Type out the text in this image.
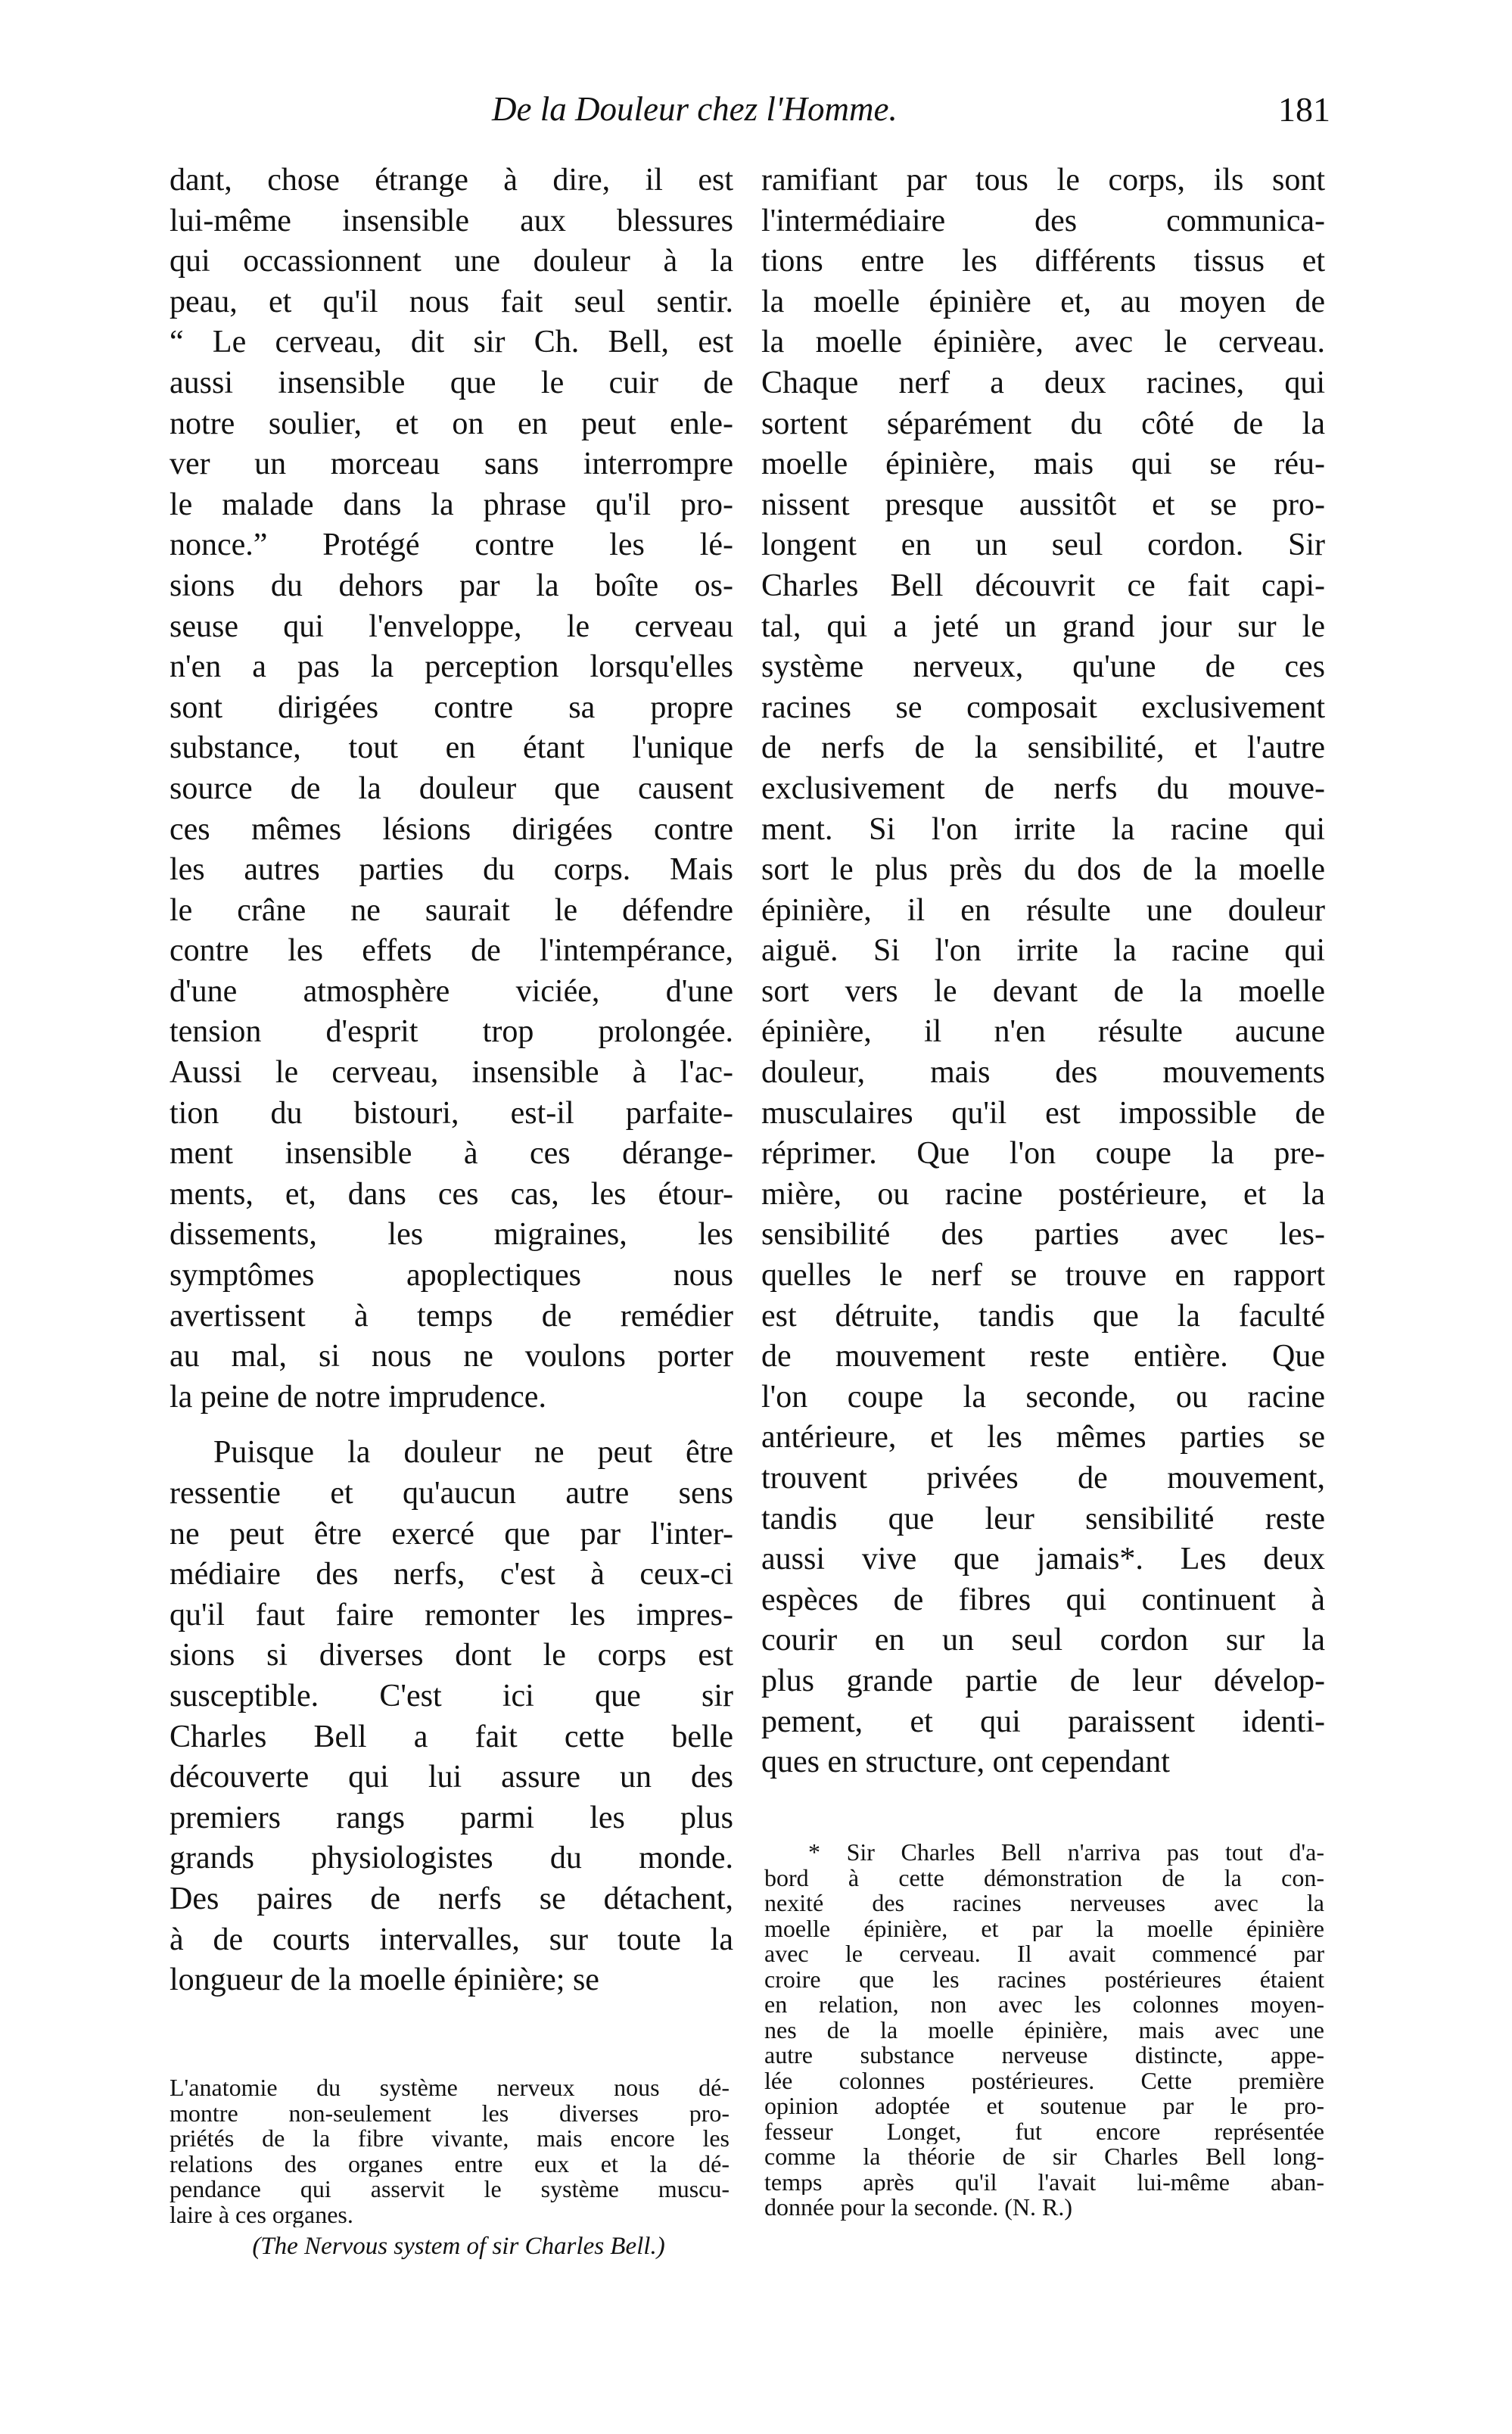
De la Douleur chez l'Homme.	181
dant, chose étrange à dire, il est
lui-même insensible aux blessures
qui occassionnent une douleur à la
peau, et qu'il nous fait seul sentir.
“ Le cerveau, dit sir Ch. Bell, est
aussi insensible que le cuir de
notre soulier, et on en peut enle-
ver un morceau sans interrompre
le malade dans la phrase qu'il pro-
nonce.” Protégé contre les lé-
sions du dehors par la boîte os-
seuse qui l'enveloppe, le cerveau
n'en a pas la perception lorsqu'elles
sont dirigées contre sa propre
substance, tout en étant l'unique
source de la douleur que causent
ces mêmes lésions dirigées contre
les autres parties du corps. Mais
le crâne ne saurait le défendre
contre les effets de l'intempérance,
d'une atmosphère viciée, d'une
tension d'esprit trop prolongée.
Aussi le cerveau, insensible à l'ac-
tion du bistouri, est-il parfaite-
ment insensible à ces dérange-
ments, et, dans ces cas, les étour-
dissements, les migraines, les
symptômes apoplectiques nous
avertissent à temps de remédier
au mal, si nous ne voulons porter
la peine de notre imprudence.
Puisque la douleur ne peut être
ressentie et qu'aucun autre sens
ne peut être exercé que par l'inter-
médiaire des nerfs, c'est à ceux-ci
qu'il faut faire remonter les impres-
sions si diverses dont le corps est
susceptible. C'est ici que sir
Charles Bell a fait cette belle
découverte qui lui assure un des
premiers rangs parmi les plus
grands physiologistes du monde.
Des paires de nerfs se détachent,
à de courts intervalles, sur toute la
longueur de la moelle épinière; se
ramifiant par tous le corps, ils sont
l'intermédiaire des communica-
tions entre les différents tissus et
la moelle épinière et, au moyen de
la moelle épinière, avec le cerveau.
Chaque nerf a deux racines, qui
sortent séparément du côté de la
moelle épinière, mais qui se réu-
nissent presque aussitôt et se pro-
longent en un seul cordon. Sir
Charles Bell découvrit ce fait capi-
tal, qui a jeté un grand jour sur le
système nerveux, qu'une de ces
racines se composait exclusivement
de nerfs de la sensibilité, et l'autre
exclusivement de nerfs du mouve-
ment. Si l'on irrite la racine qui
sort le plus près du dos de la moelle
épinière, il en résulte une douleur
aiguë. Si l'on irrite la racine qui
sort vers le devant de la moelle
épinière, il n'en résulte aucune
douleur, mais des mouvements
musculaires qu'il est impossible de
réprimer. Que l'on coupe la pre-
mière, ou racine postérieure, et la
sensibilité des parties avec les-
quelles le nerf se trouve en rapport
est détruite, tandis que la faculté
de mouvement reste entière. Que
l'on coupe la seconde, ou racine
antérieure, et les mêmes parties se
trouvent privées de mouvement,
tandis que leur sensibilité reste
aussi vive que jamais*. Les deux
espèces de fibres qui continuent à
courir en un seul cordon sur la
plus grande partie de leur dévelop-
pement, et qui paraissent identi-
ques en structure, ont cependant
L'anatomie du système nerveux nous dé-
montre non-seulement les diverses pro-
priétés de la fibre vivante, mais encore les
relations des organes entre eux et la dé-
pendance qui asservit le système muscu-
laire à ces organes.
(The Nervous system of sir Charles Bell.)
* Sir Charles Bell n'arriva pas tout d'a-
bord à cette démonstration de la con-
nexité des racines nerveuses avec la
moelle épinière, et par la moelle épinière
avec le cerveau. Il avait commencé par
croire que les racines postérieures étaient
en relation, non avec les colonnes moyen-
nes de la moelle épinière, mais avec une
autre substance nerveuse distincte, appe-
lée colonnes postérieures. Cette première
opinion adoptée et soutenue par le pro-
fesseur Longet, fut encore représentée
comme la théorie de sir Charles Bell long-
temps après qu'il l'avait lui-même aban-
donnée pour la seconde. (N. R.)
